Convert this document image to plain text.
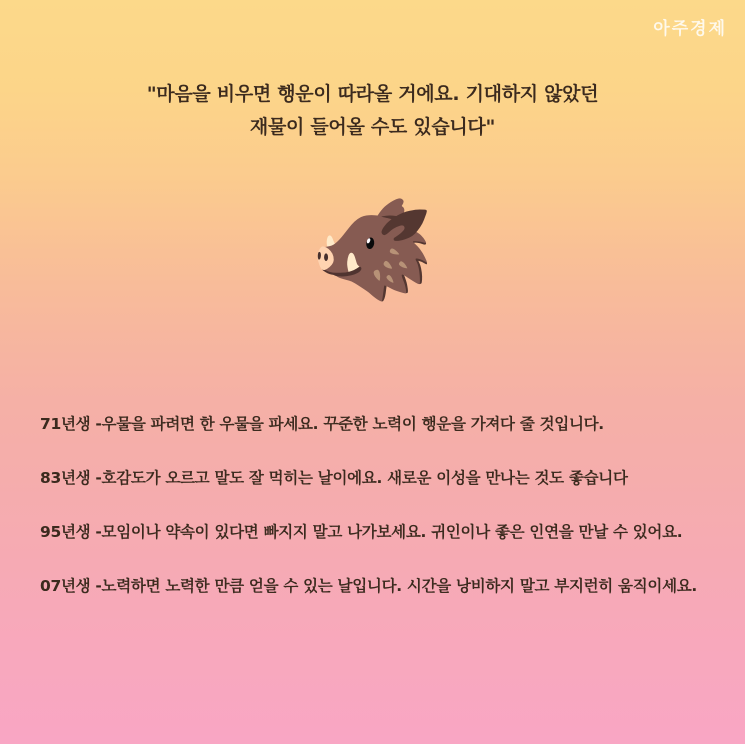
아주경제
"마음을 비우면 행운이 따라올 거에요. 기대하지 않았던
재물이 들어올 수도 있습니다"
🐗
71년생 -우물을 파려면 한 우물을 파세요. 꾸준한 노력이 행운을 가져다 줄 것입니다.
83년생 -호감도가 오르고 말도 잘 먹히는 날이에요. 새로운 이성을 만나는 것도 좋습니다
95년생 -모임이나 약속이 있다면 빠지지 말고 나가보세요. 귀인이나 좋은 인연을 만날 수 있어요.
07년생 -노력하면 노력한 만큼 얻을 수 있는 날입니다. 시간을 낭비하지 말고 부지런히 움직이세요.
